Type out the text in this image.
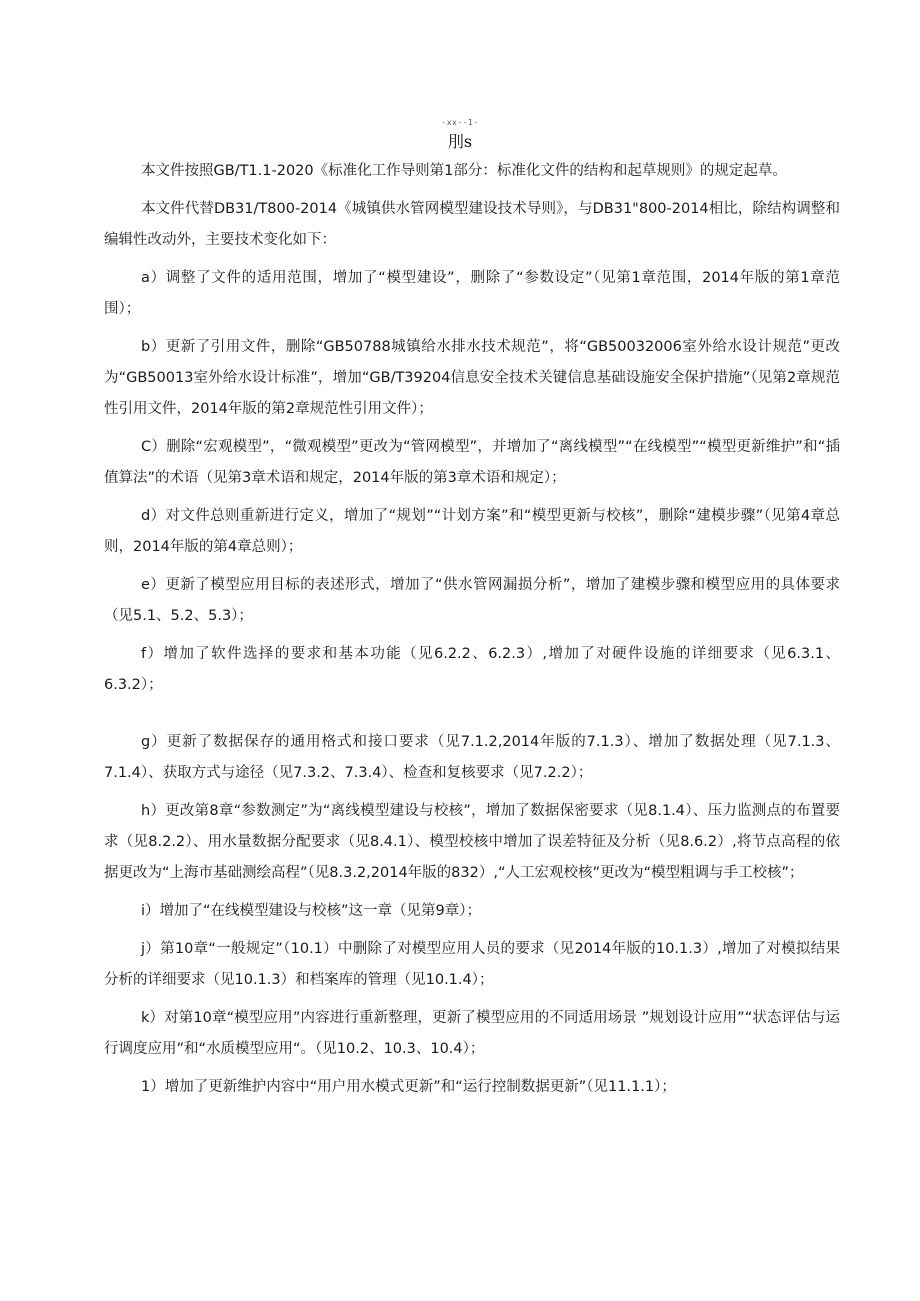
-xx--1-
刖s

本文件按照GB/T1.1-2020《标准化工作导则第1部分：标准化文件的结构和起草规则》的规定起草。

本文件代替DB31/T800-2014《城镇供水管网模型建设技术导则》，与DB31"800-2014相比，除结构调整和编辑性改动外，主要技术变化如下：

a）调整了文件的适用范围，增加了“模型建设”，删除了“参数设定”（见第1章范围，2014年版的第1章范围）；

b）更新了引用文件，删除“GB50788城镇给水排水技术规范”，将“GB50032006室外给水设计规范”更改为“GB50013室外给水设计标准”，增加“GB/T39204信息安全技术关键信息基础设施安全保护措施”（见第2章规范性引用文件，2014年版的第2章规范性引用文件）；

C）删除“宏观模型”，“微观模型”更改为“管网模型”，并增加了“离线模型”“在线模型”“模型更新维护”和“插值算法”的术语（见第3章术语和规定，2014年版的第3章术语和规定）；

d）对文件总则重新进行定义，增加了“规划”“计划方案”和“模型更新与校核”，删除“建模步骤”（见第4章总则，2014年版的第4章总则）；

e）更新了模型应用目标的表述形式，增加了“供水管网漏损分析”，增加了建模步骤和模型应用的具体要求（见5.1、5.2、5.3）；

f）增加了软件选择的要求和基本功能（见6.2.2、6.2.3）,增加了对硬件设施的详细要求（见6.3.1、6.3.2）；

g）更新了数据保存的通用格式和接口要求（见7.1.2,2014年版的7.1.3）、增加了数据处理（见7.1.3、7.1.4）、获取方式与途径（见7.3.2、7.3.4）、检查和复核要求（见7.2.2）；

h）更改第8章“参数测定”为“离线模型建设与校核”，增加了数据保密要求（见8.1.4）、压力监测点的布置要求（见8.2.2）、用水量数据分配要求（见8.4.1）、模型校核中增加了误差特征及分析（见8.6.2）,将节点高程的依据更改为“上海市基础测绘高程”（见8.3.2,2014年版的832）,“人工宏观校核”更改为“模型粗调与手工校核”；

i）增加了“在线模型建设与校核”这一章（见第9章）；

j）第10章“一般规定”（10.1）中删除了对模型应用人员的要求（见2014年版的10.1.3）,增加了对模拟结果分析的详细要求（见10.1.3）和档案库的管理（见10.1.4）；

k）对第10章“模型应用”内容进行重新整理，更新了模型应用的不同适用场景 ”规划设计应用”“状态评估与运行调度应用”和“水质模型应用“。（见10.2、10.3、10.4）；

1）增加了更新维护内容中“用户用水模式更新”和“运行控制数据更新”（见11.1.1）；
